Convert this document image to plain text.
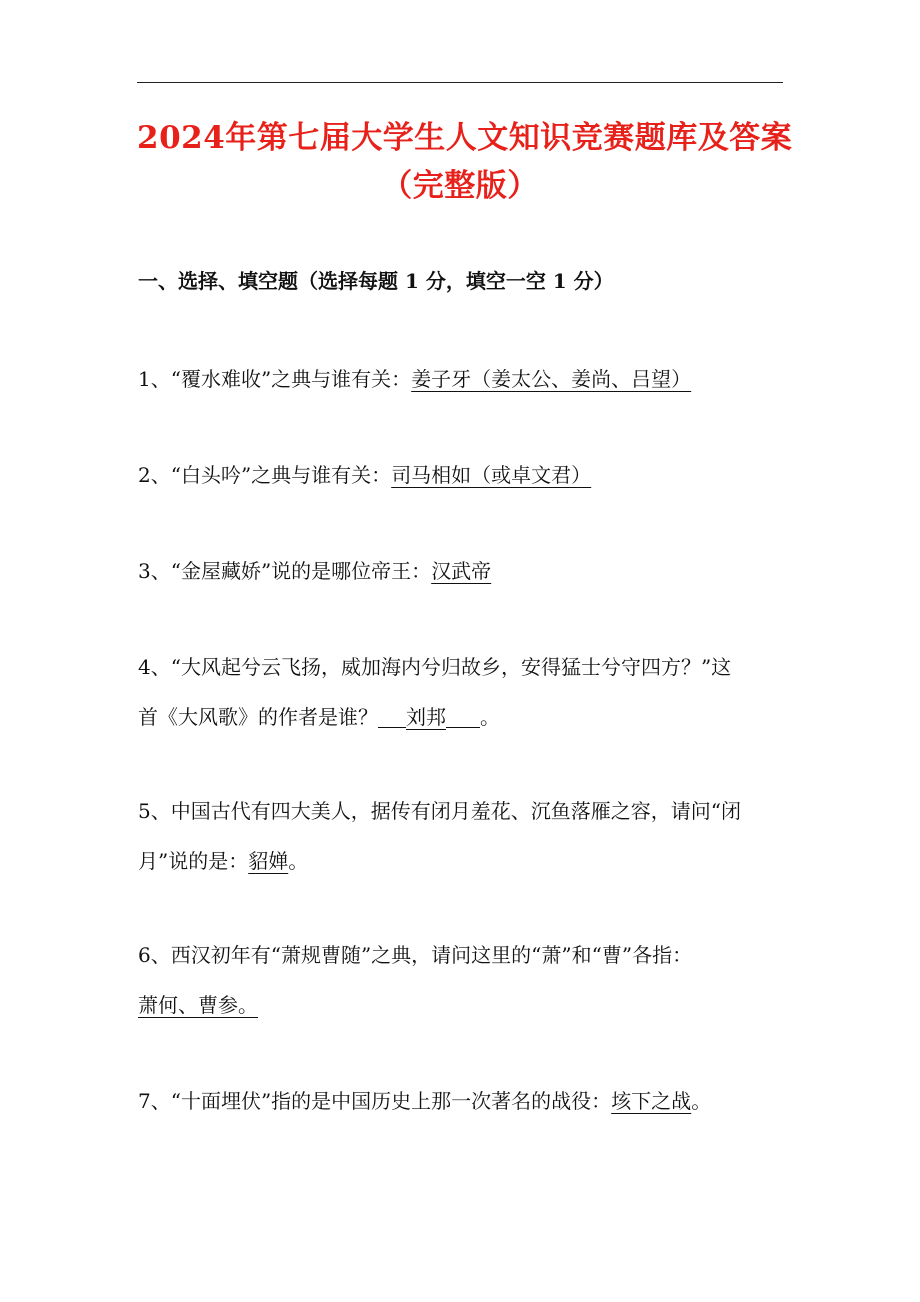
2024年第七届大学生人文知识竞赛题库及答案
（完整版）
一、选择、填空题（选择每题 1 分，填空一空 1 分）
1、“覆水难收”之典与谁有关：姜子牙（姜太公、姜尚、吕望）
2、“白头吟”之典与谁有关：司马相如（或卓文君）
3、“金屋藏娇”说的是哪位帝王：汉武帝
4、“大风起兮云飞扬，威加海内兮归故乡，安得猛士兮守四方？”这
首《大风歌》的作者是谁？ 刘邦 。
5、中国古代有四大美人，据传有闭月羞花、沉鱼落雁之容，请问“闭
月”说的是：貂婵。
6、西汉初年有“萧规曹随”之典，请问这里的“萧”和“曹”各指：
萧何、曹参。
7、“十面埋伏”指的是中国历史上那一次著名的战役：垓下之战。
